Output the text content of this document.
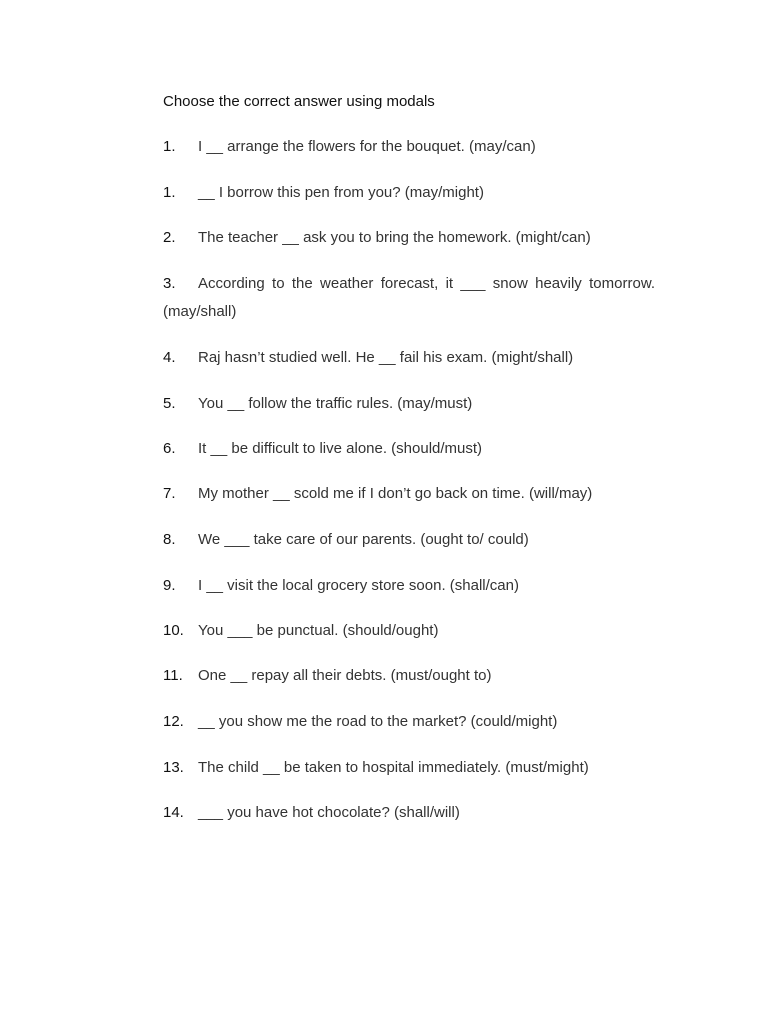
Choose the correct answer using modals
1. I __ arrange the flowers for the bouquet. (may/can)
1. __ I borrow this pen from you? (may/might)
2. The teacher __ ask you to bring the homework. (might/can)
3. According to the weather forecast, it ___ snow heavily tomorrow. (may/shall)
4. Raj hasn’t studied well. He __ fail his exam. (might/shall)
5. You __ follow the traffic rules. (may/must)
6. It __ be difficult to live alone. (should/must)
7. My mother __ scold me if I don’t go back on time. (will/may)
8. We ___ take care of our parents. (ought to/ could)
9. I __ visit the local grocery store soon. (shall/can)
10. You ___ be punctual. (should/ought)
11. One __ repay all their debts. (must/ought to)
12. __ you show me the road to the market? (could/might)
13. The child __ be taken to hospital immediately. (must/might)
14. ___ you have hot chocolate? (shall/will)
